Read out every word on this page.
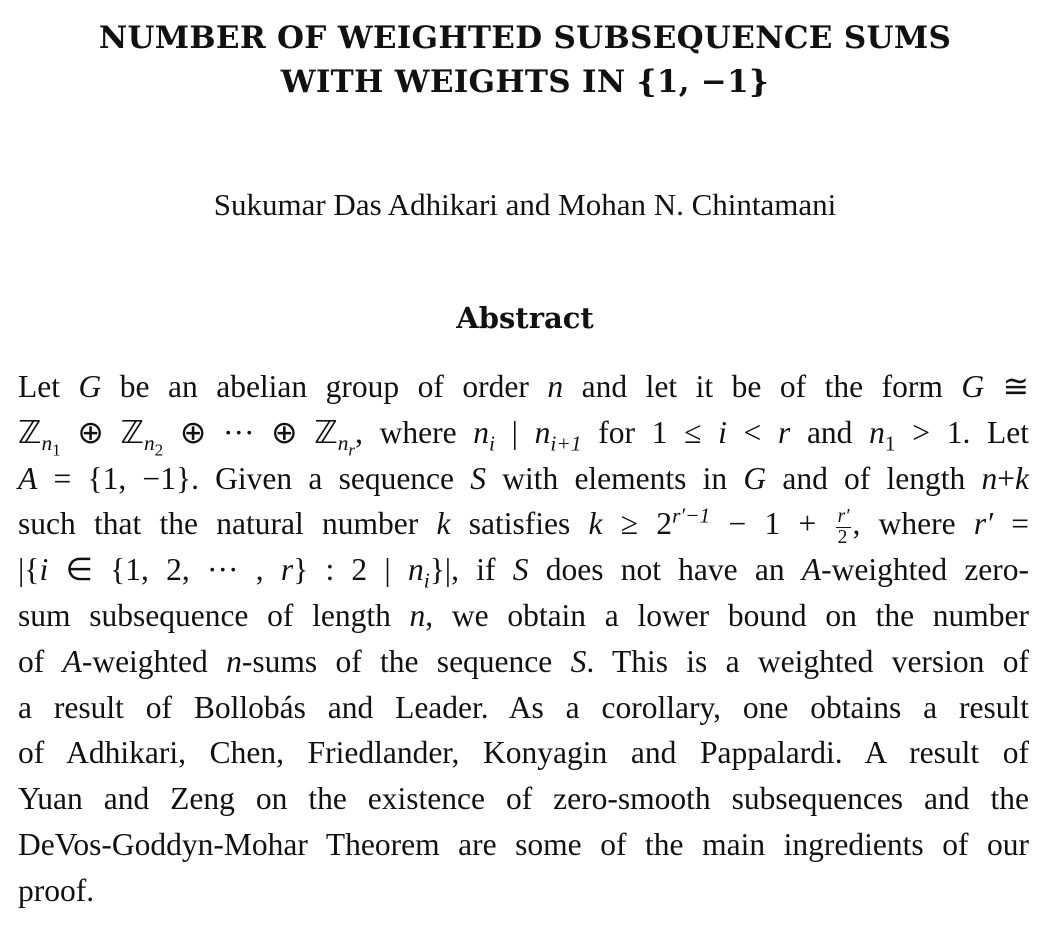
NUMBER OF WEIGHTED SUBSEQUENCE SUMS
WITH WEIGHTS IN {1, −1}
Sukumar Das Adhikari and Mohan N. Chintamani
Abstract
Let G be an abelian group of order n and let it be of the form G ≅
ℤ$_{n_1}$ ⊕ ℤ$_{n_2}$ ⊕ ··· ⊕ ℤ$_{n_r}$, where $n_i$ | $n_{i+1}$ for 1 ≤ i < r and $n_1 > 1$. Let
A = {1, −1}. Given a sequence S with elements in G and of length n+k
such that the natural number k satisfies $k \ge 2^{r'-1} - 1 + \frac{r'}{2}$ , where r′ =
|{i ∈ {1, 2, ··· , r} : 2 | $n_i\}|$, if S does not have an A-weighted zero-
sum subsequence of length n, we obtain a lower bound on the number
of A-weighted n-sums of the sequence S. This is a weighted version of
a result of Bollobás and Leader. As a corollary, one obtains a result
of Adhikari, Chen, Friedlander, Konyagin and Pappalardi. A result of
Yuan and Zeng on the existence of zero-smooth subsequences and the
DeVos-Goddyn-Mohar Theorem are some of the main ingredients of our
proof.
